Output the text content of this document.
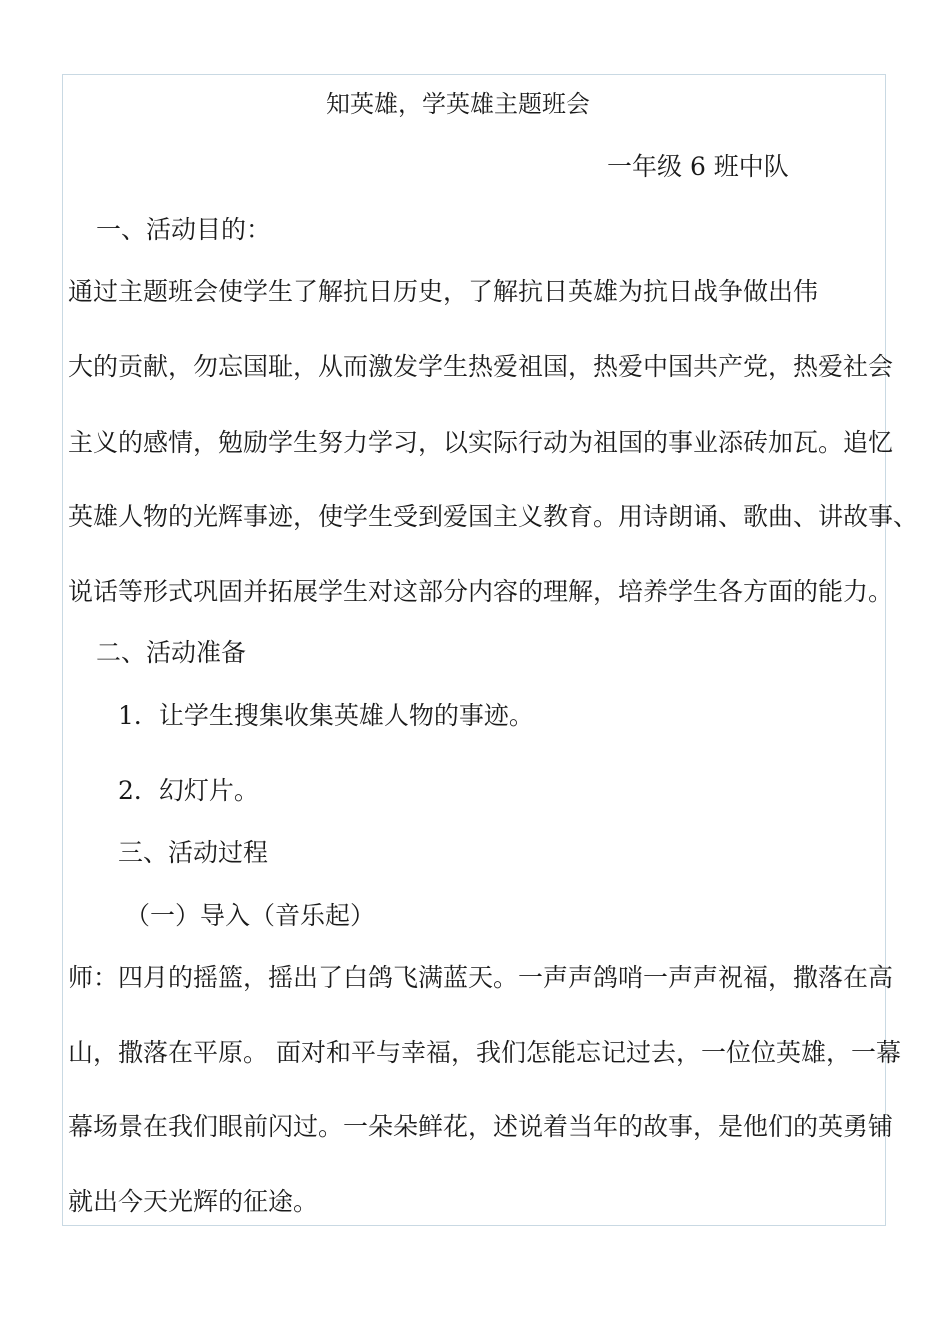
知英雄，学英雄主题班会
一年级 6 班中队
一、活动目的：
通过主题班会使学生了解抗日历史，了解抗日英雄为抗日战争做出伟
大的贡献，勿忘国耻，从而激发学生热爱祖国，热爱中国共产党，热爱社会
主义的感情，勉励学生努力学习，以实际行动为祖国的事业添砖加瓦。追忆
英雄人物的光辉事迹，使学生受到爱国主义教育。用诗朗诵、歌曲、讲故事、
说话等形式巩固并拓展学生对这部分内容的理解，培养学生各方面的能力。
二、活动准备
1．让学生搜集收集英雄人物的事迹。
2．幻灯片。
三、活动过程
（一）导入（音乐起）
师：四月的摇篮，摇出了白鸽飞满蓝天。一声声鸽哨一声声祝福，撒落在高
山，撒落在平原。 面对和平与幸福，我们怎能忘记过去，一位位英雄，一幕
幕场景在我们眼前闪过。一朵朵鲜花，述说着当年的故事，是他们的英勇铺
就出今天光辉的征途。
